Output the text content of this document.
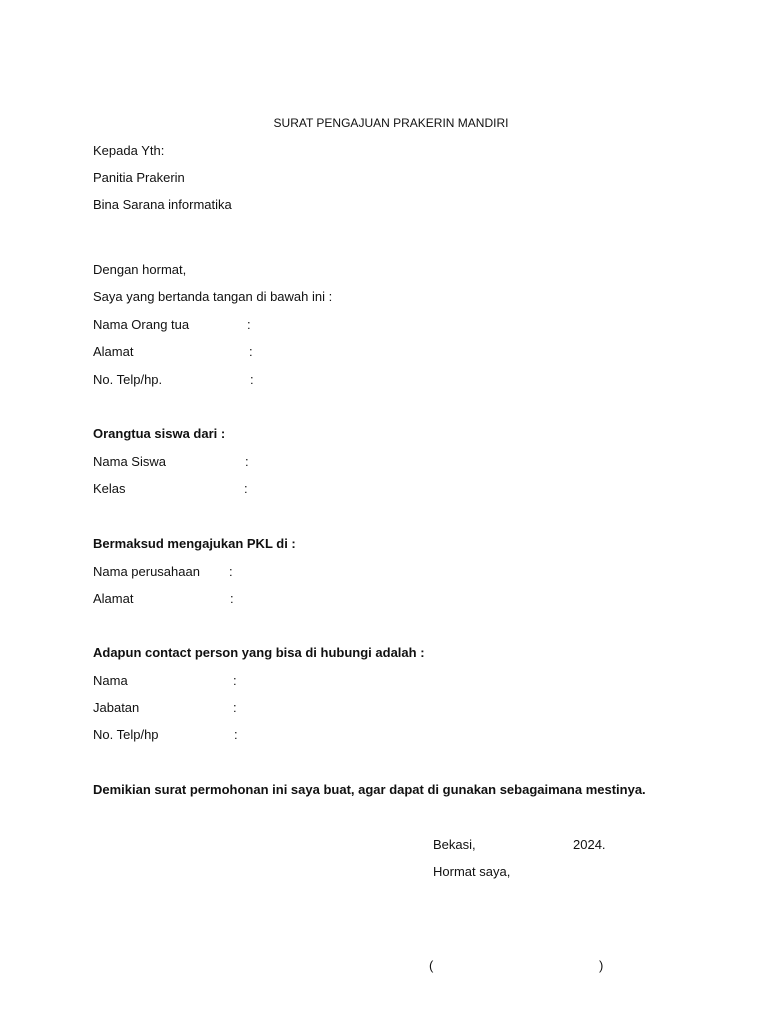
SURAT PENGAJUAN PRAKERIN MANDIRI
Kepada Yth:
Panitia Prakerin
Bina Sarana informatika
Dengan hormat,
Saya yang bertanda tangan di bawah ini :
Nama Orang tua	:
Alamat	:
No. Telp/hp.	:
Orangtua siswa dari :
Nama Siswa	:
Kelas	:
Bermaksud mengajukan PKL di :
Nama perusahaan :
Alamat	:
Adapun contact person yang bisa di hubungi adalah :
Nama	:
Jabatan	:
No. Telp/hp	:
Demikian surat permohonan ini saya buat, agar dapat di gunakan sebagaimana mestinya.
Bekasi,	2024.
Hormat saya,
(	)
